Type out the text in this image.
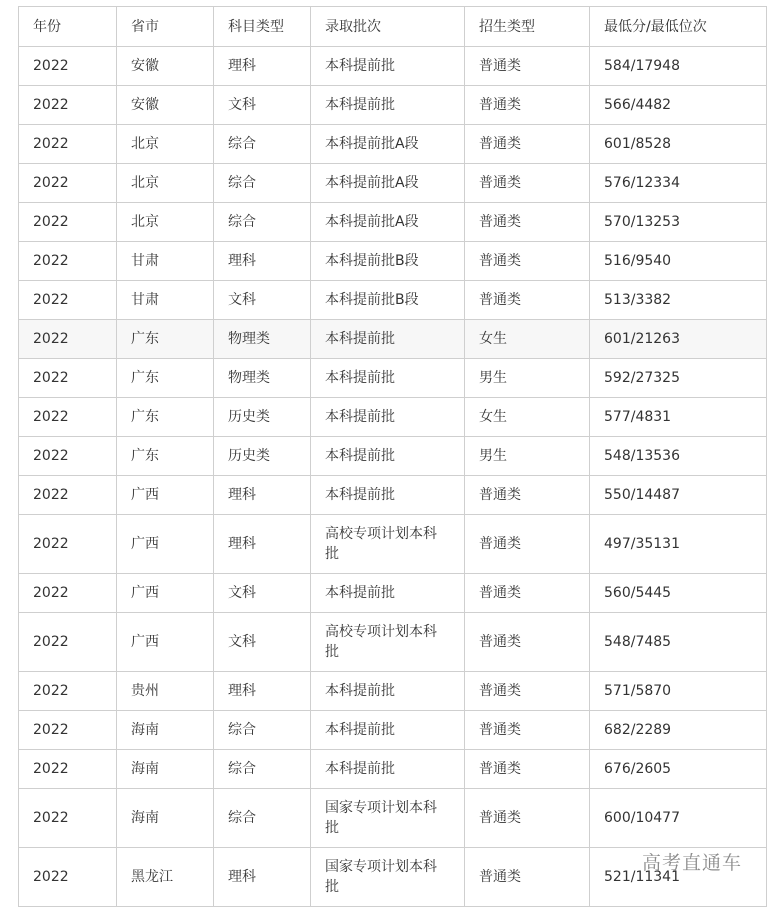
年份	省市	科目类型	录取批次	招生类型	最低分/最低位次
2022	安徽	理科	本科提前批	普通类	584/17948
2022	安徽	文科	本科提前批	普通类	566/4482
2022	北京	综合	本科提前批A段	普通类	601/8528
2022	北京	综合	本科提前批A段	普通类	576/12334
2022	北京	综合	本科提前批A段	普通类	570/13253
2022	甘肃	理科	本科提前批B段	普通类	516/9540
2022	甘肃	文科	本科提前批B段	普通类	513/3382
2022	广东	物理类	本科提前批	女生	601/21263
2022	广东	物理类	本科提前批	男生	592/27325
2022	广东	历史类	本科提前批	女生	577/4831
2022	广东	历史类	本科提前批	男生	548/13536
2022	广西	理科	本科提前批	普通类	550/14487
2022	广西	理科	高校专项计划本科批	普通类	497/35131
2022	广西	文科	本科提前批	普通类	560/5445
2022	广西	文科	高校专项计划本科批	普通类	548/7485
2022	贵州	理科	本科提前批	普通类	571/5870
2022	海南	综合	本科提前批	普通类	682/2289
2022	海南	综合	本科提前批	普通类	676/2605
2022	海南	综合	国家专项计划本科批	普通类	600/10477
2022	黑龙江	理科	国家专项计划本科批	普通类	521/11341
高考直通车
